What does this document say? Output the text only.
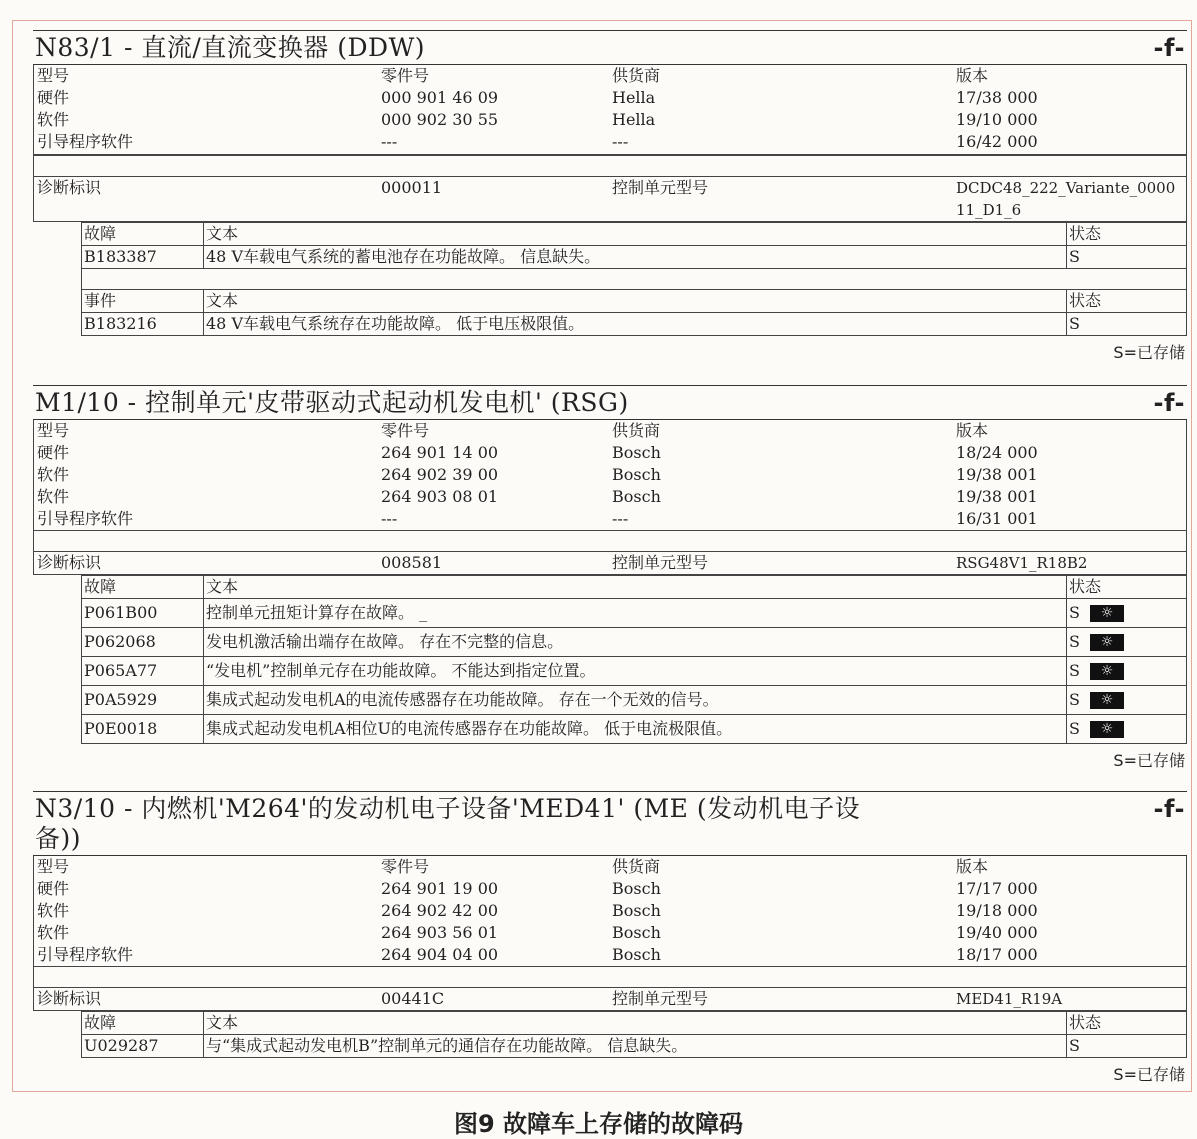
N83/1 - 直流/直流变换器 (DDW)	-f-
型号	零件号	供货商	版本
硬件	000 901 46 09	Hella	17/38 000
软件	000 902 30 55	Hella	19/10 000
引导程序软件	---	---	16/42 000
诊断标识	000011	控制单元型号	DCDC48_222_Variante_0000
11_D1_6
故障	文本	状态
B183387	48 V车载电气系统的蓄电池存在功能故障。 信息缺失。	S

事件	文本	状态
B183216	48 V车载电气系统存在功能故障。 低于电压极限值。	S
S=已存储
M1/10 - 控制单元'皮带驱动式起动机发电机' (RSG)	-f-
型号	零件号	供货商	版本
硬件	264 901 14 00	Bosch	18/24 000
软件	264 902 39 00	Bosch	19/38 001
软件	264 903 08 01	Bosch	19/38 001
引导程序软件	---	---	16/31 001
诊断标识	008581	控制单元型号	RSG48V1_R18B2
故障	文本	状态
P061B00	控制单元扭矩计算存在故障。 _	S ☼
P062068	发电机激活输出端存在故障。 存在不完整的信息。	S ☼
P065A77	“发电机”控制单元存在功能故障。 不能达到指定位置。	S ☼
P0A5929	集成式起动发电机A的电流传感器存在功能故障。 存在一个无效的信号。	S ☼
P0E0018	集成式起动发电机A相位U的电流传感器存在功能故障。 低于电流极限值。	S ☼
S=已存储
N3/10 - 内燃机'M264'的发动机电子设备'MED41' (ME (发动机电子设
备))
-f-
型号	零件号	供货商	版本
硬件	264 901 19 00	Bosch	17/17 000
软件	264 902 42 00	Bosch	19/18 000
软件	264 903 56 01	Bosch	19/40 000
引导程序软件	264 904 04 00	Bosch	18/17 000
诊断标识	00441C	控制单元型号	MED41_R19A
故障	文本	状态
U029287	与“集成式起动发电机B”控制单元的通信存在功能故障。 信息缺失。	S
S=已存储
图9 故障车上存储的故障码
